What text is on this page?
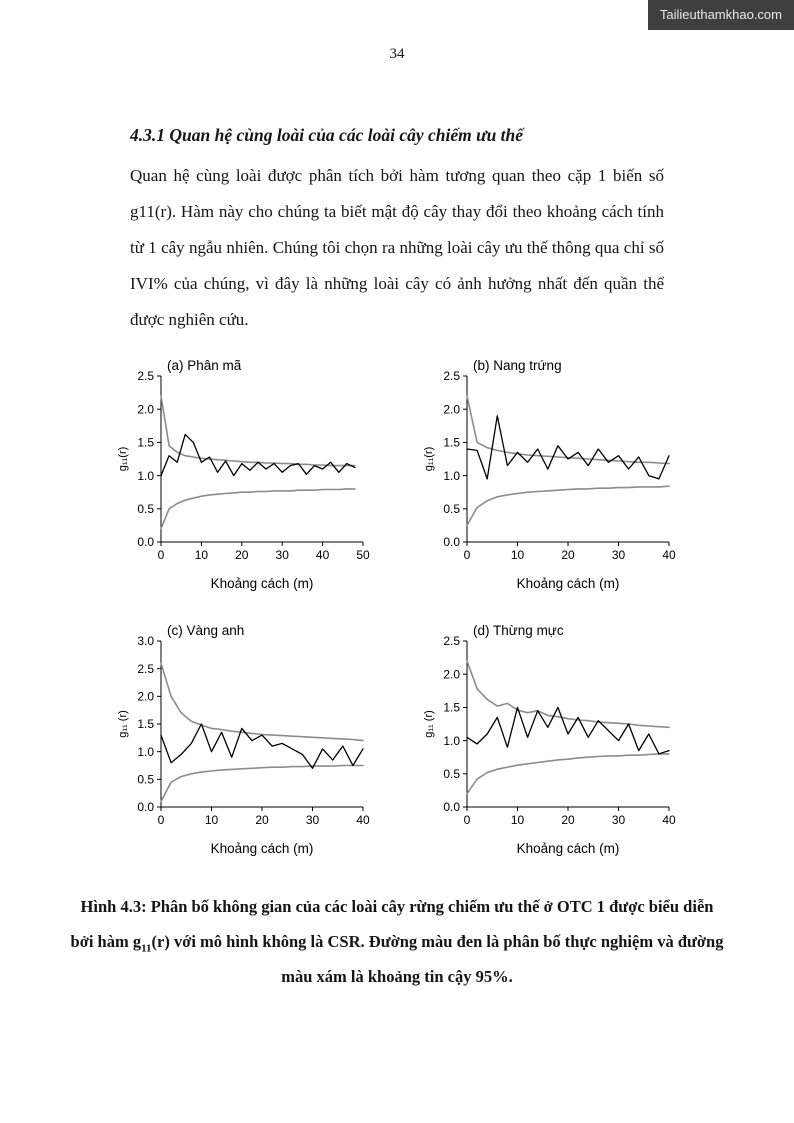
Tailieuthamkhao.com
34
4.3.1 Quan hệ cùng loài của các loài cây chiếm ưu thế

Quan hệ cùng loài được phân tích bởi hàm tương quan theo cặp 1 biến số g11(r). Hàm này cho chúng ta biết mật độ cây thay đổi theo khoảng cách tính từ 1 cây ngẫu nhiên. Chúng tôi chọn ra những loài cây ưu thế thông qua chỉ số IVI% của chúng, vì đây là những loài cây có ảnh hưởng nhất đến quần thể được nghiên cứu.

0.0
0.5
1.0
1.5
2.0
2.5
0	10 20 30 40 50
(a) Phân mã
g₁₁(r)
Khoảng cách (m)
0.0
0.5
1.0
1.5
2.0
2.5
0	10	20	30	40
(b) Nang trứng
g₁₁(r)
Khoảng cách (m)
0.0
0.5
1.0
1.5
2.0
2.5
3.0
0	10	20	30	40
(c) Vàng anh
g₁₁ (r)
Khoảng cách (m)
0.0
0.5
1.0
1.5
2.0
2.5
0	10	20	30	40
(d) Thừng mực
g₁₁ (r)
Khoảng cách (m)

Hình 4.3: Phân bố không gian của các loài cây rừng chiếm ưu thế ở OTC 1 được biểu diễn bởi hàm $g_{11}(r)$ với mô hình không là CSR. Đường màu đen là phân bố thực nghiệm và đường màu xám là khoảng tin cậy 95%.
